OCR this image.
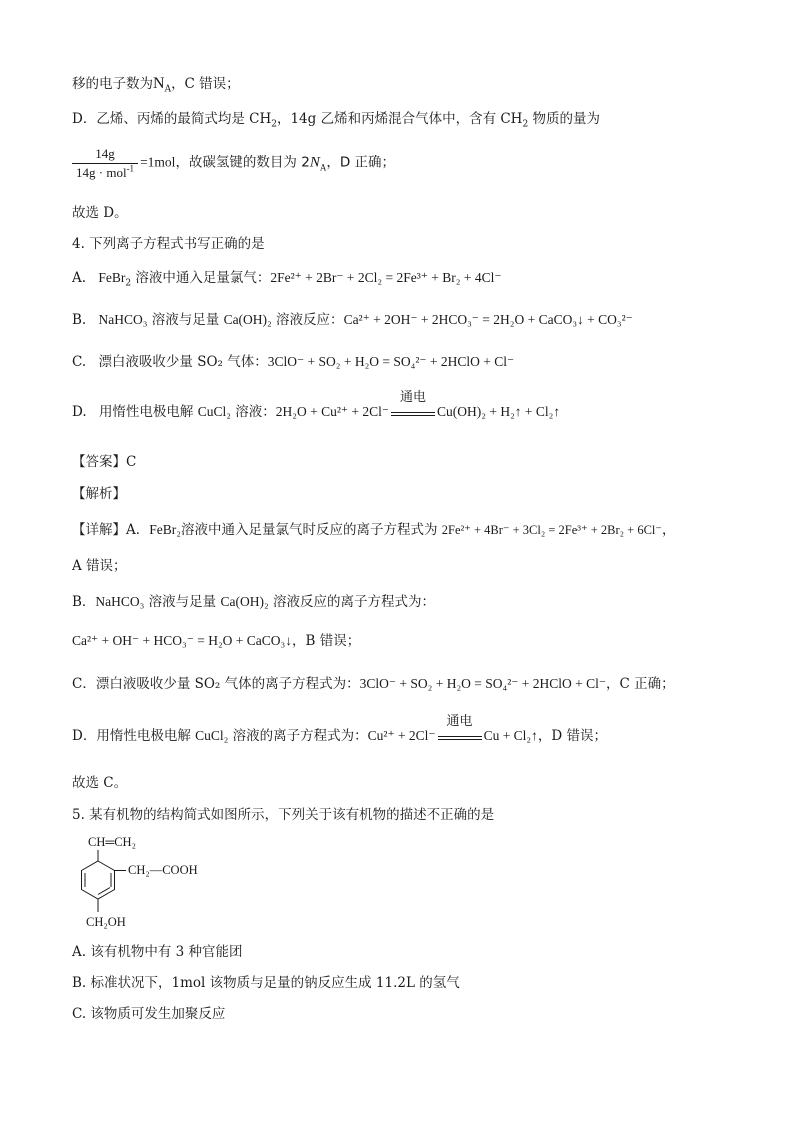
移的电子数为$N_A$，C 错误；
D．乙烯、丙烯的最简式均是 $CH_2$，14g 乙烯和丙烯混合气体中，含有 $CH_2$ 物质的量为
$\frac{14g}{14g \cdot mol^{-1}} =1mol$，故碳氢键的数目为 $2N_A$，D 正确；
故选 D。
4. 下列离子方程式书写正确的是
A. FeBr$_2$ 溶液中通入足量氯气：2Fe²⁺ + 2Br⁻ + 2Cl₂ = 2Fe³⁺ + Br₂ + 4Cl⁻
B. NaHCO₃ 溶液与足量 Ca(OH)₂ 溶液反应：Ca²⁺ + 2OH⁻ + 2HCO₃⁻ = 2H₂O + CaCO₃↓ + CO₃²⁻
C. 漂白液吸收少量 SO₂ 气体：3ClO⁻ + SO₂ + H₂O = SO₄²⁻ + 2HClO + Cl⁻
D. 用惰性电极电解 CuCl₂ 溶液：2H₂O + Cu²⁺ + 2Cl⁻
通电
Cu(OH)₂ + H₂↑ + Cl₂↑
【答案】C
【解析】
【详解】A．FeBr₂溶液中通入足量氯气时反应的离子方程式为 2Fe²⁺ + 4Br⁻ + 3Cl₂ = 2Fe³⁺ + 2Br₂ + 6Cl⁻，
A 错误；
B．NaHCO₃ 溶液与足量 Ca(OH)₂ 溶液反应的离子方程式为：
Ca²⁺ + OH⁻ + HCO₃⁻ = H₂O + CaCO₃↓，B 错误；
C．漂白液吸收少量 SO₂ 气体的离子方程式为：3ClO⁻ + SO₂ + H₂O = SO₄²⁻ + 2HClO + Cl⁻，C 正确；
D．用惰性电极电解 CuCl₂ 溶液的离子方程式为：Cu²⁺ + 2Cl⁻
通电
Cu + Cl₂↑，D 错误；
故选 C。
5. 某有机物的结构简式如图所示，下列关于该有机物的描述不正确的是
CH═CH₂
CH₂—COOH
CH₂OH
A. 该有机物中有 3 种官能团
B. 标准状况下，1mol 该物质与足量的钠反应生成 11.2L 的氢气
C. 该物质可发生加聚反应
